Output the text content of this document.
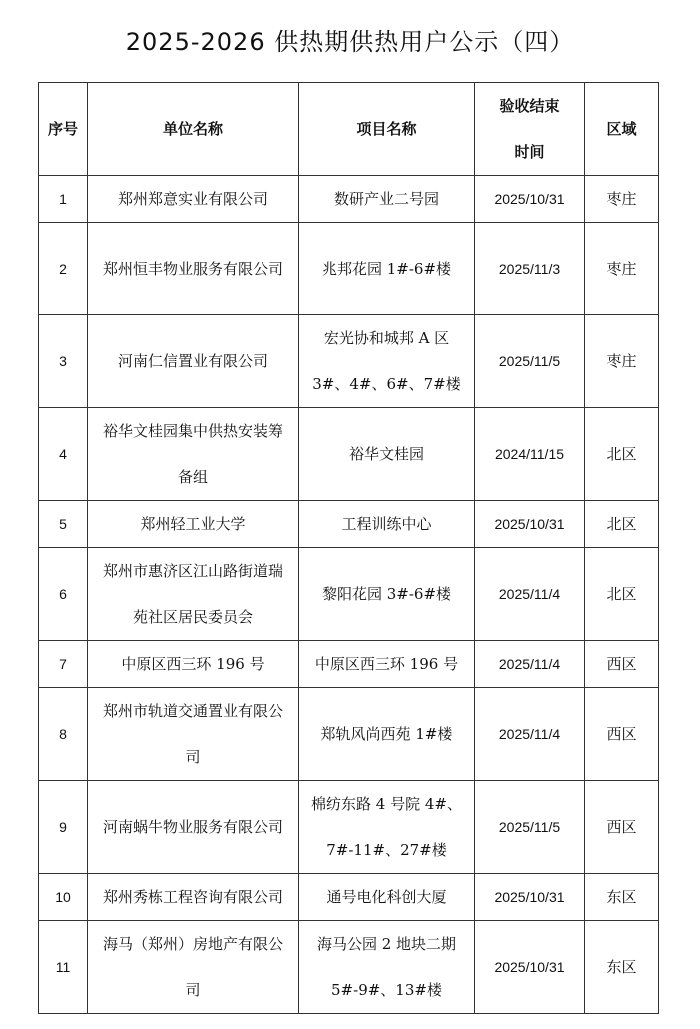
2025-2026 供热期供热用户公示（四）
序号	单位名称	项目名称	验收结束时间	区域
1	郑州郑意实业有限公司	数研产业二号园	2025/10/31	枣庄
2	郑州恒丰物业服务有限公司	兆邦花园 1#-6#楼	2025/11/3	枣庄
3	河南仁信置业有限公司	宏光协和城邦 A 区 3#、4#、6#、7#楼	2025/11/5	枣庄
4	裕华文桂园集中供热安装筹备组	裕华文桂园	2024/11/15	北区
5	郑州轻工业大学	工程训练中心	2025/10/31	北区
6	郑州市惠济区江山路街道瑞苑社区居民委员会	黎阳花园 3#-6#楼	2025/11/4	北区
7	中原区西三环 196 号	中原区西三环 196 号	2025/11/4	西区
8	郑州市轨道交通置业有限公司	郑轨风尚西苑 1#楼	2025/11/4	西区
9	河南蜗牛物业服务有限公司	棉纺东路 4 号院 4#、7#-11#、27#楼	2025/11/5	西区
10	郑州秀栋工程咨询有限公司	通号电化科创大厦	2025/10/31	东区
11	海马（郑州）房地产有限公司	海马公园 2 地块二期 5#-9#、13#楼	2025/10/31	东区
